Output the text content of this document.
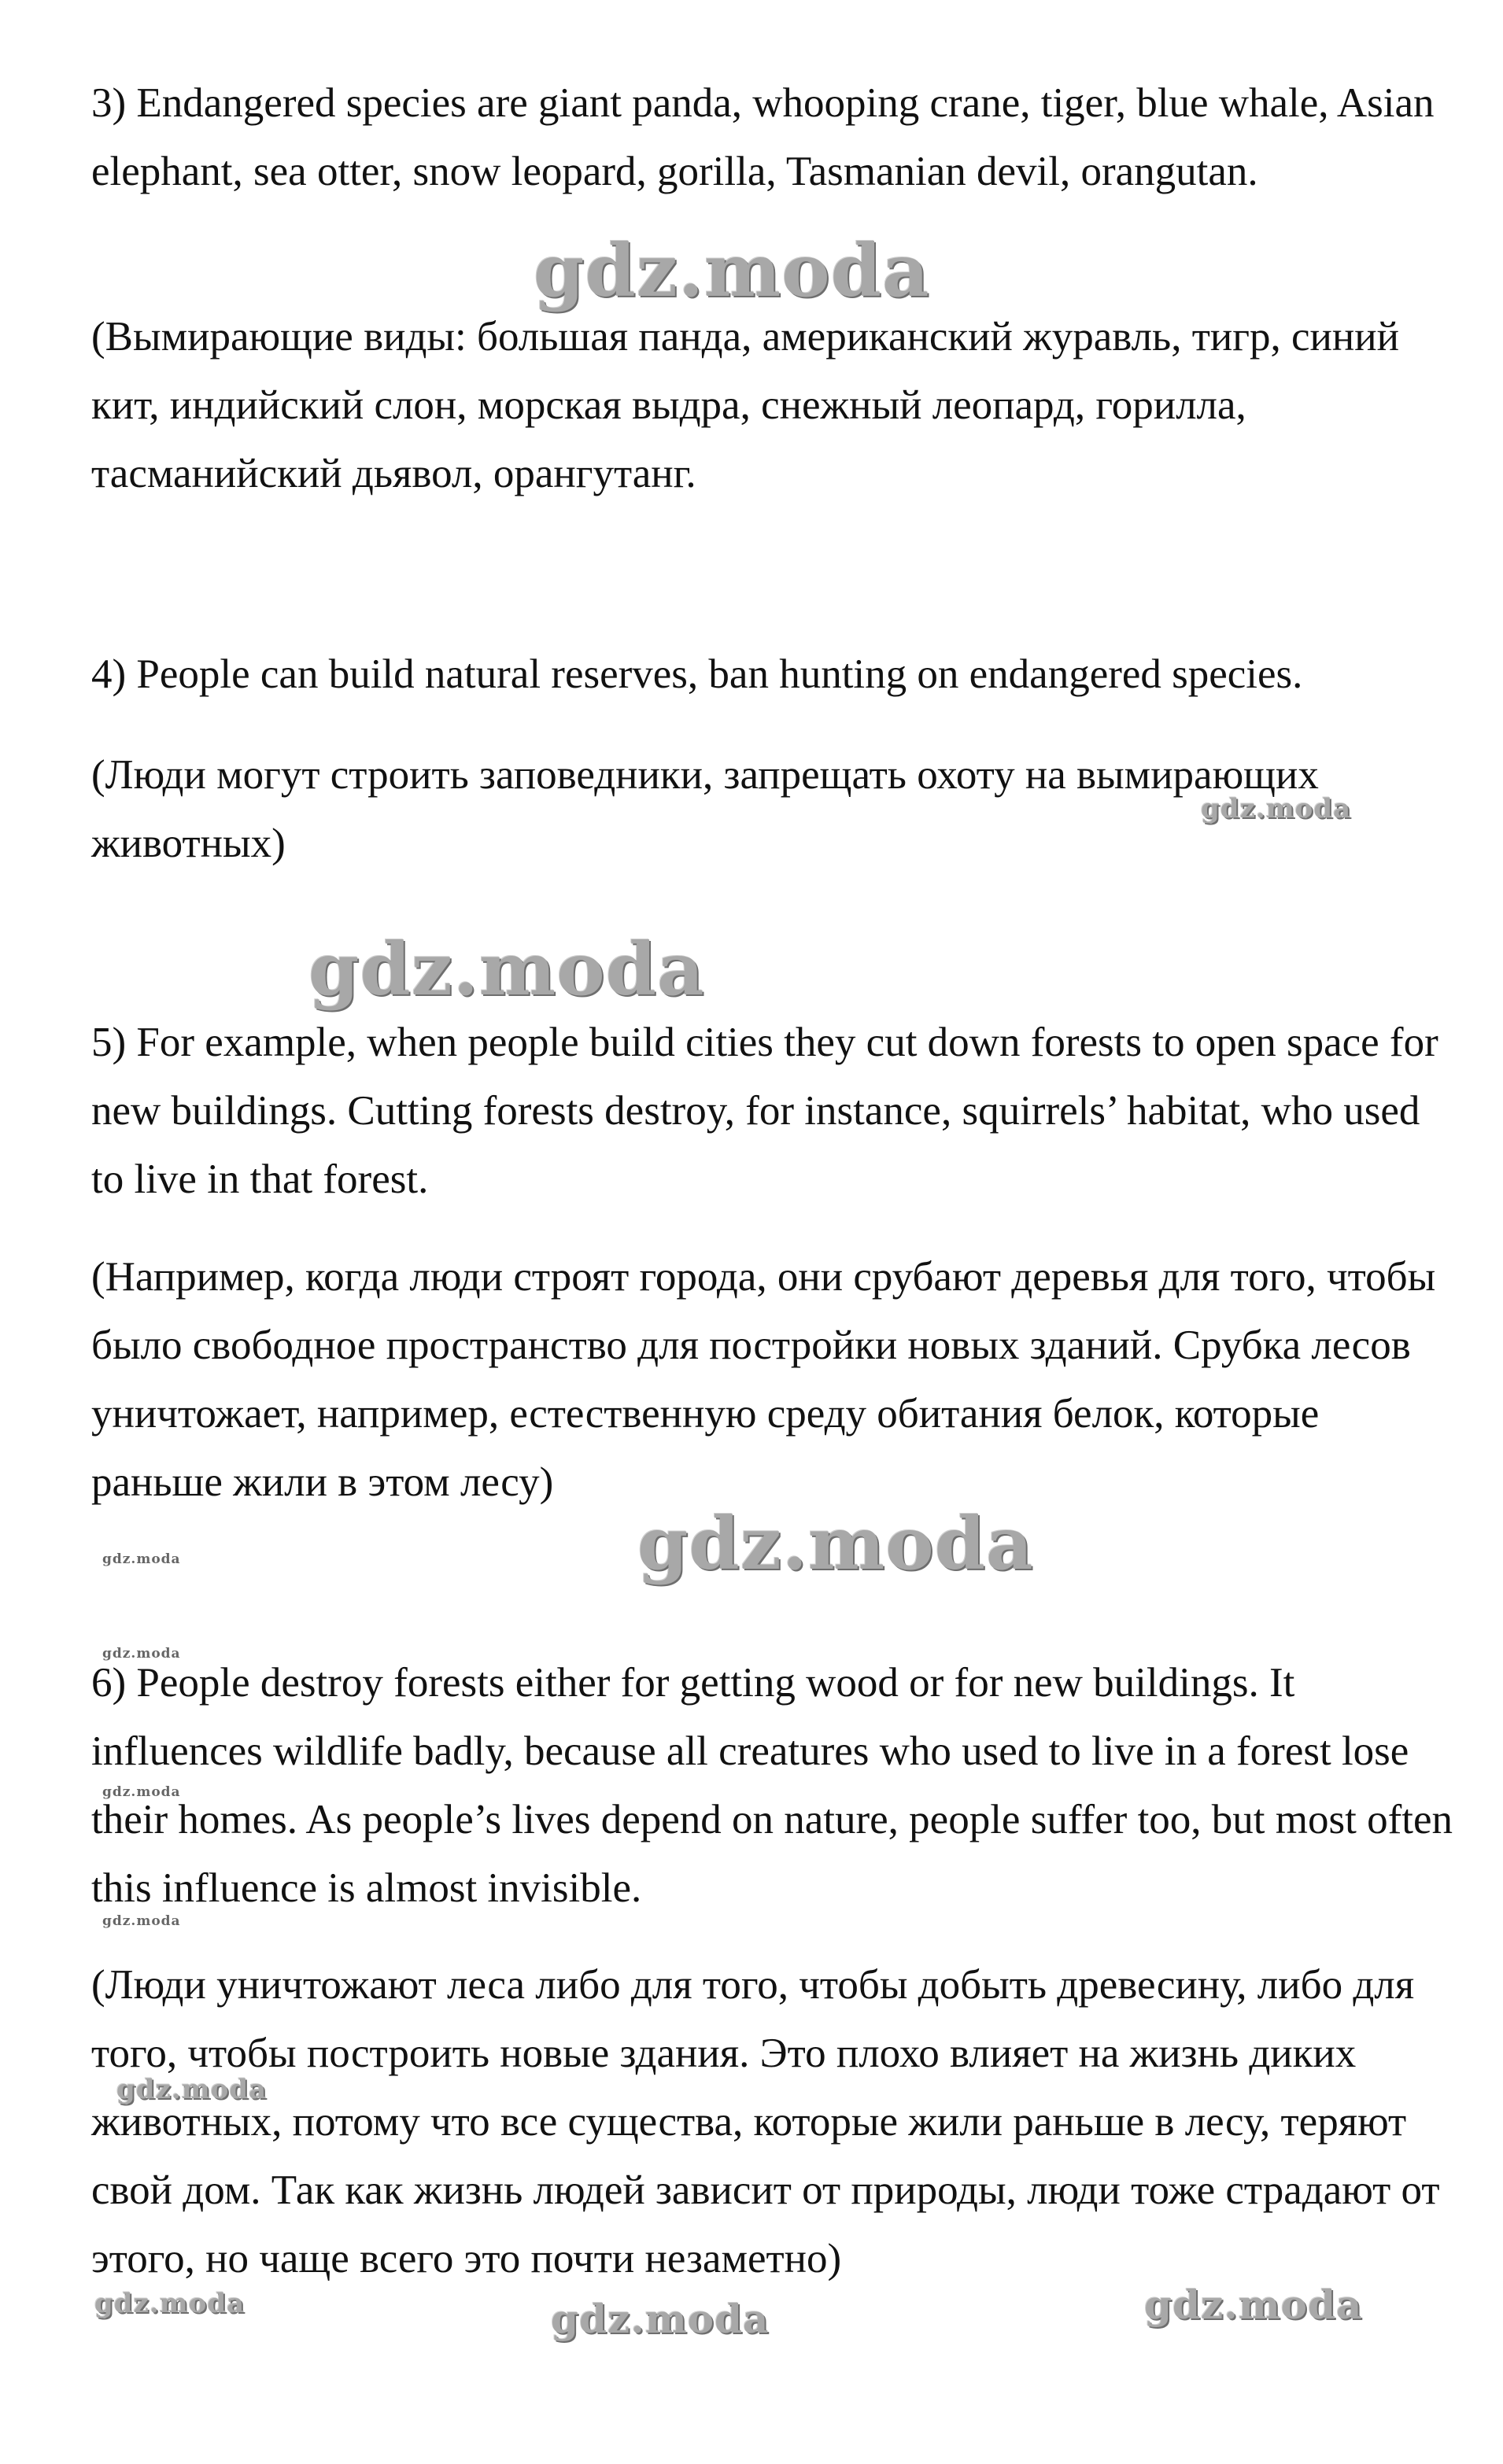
3) Endangered species are giant panda, whooping crane, tiger, blue whale, Asian elephant, sea otter, snow leopard, gorilla, Tasmanian devil, orangutan.

(Вымирающие виды: большая панда, американский журавль, тигр, синий кит, индийский слон, морская выдра, снежный леопард, горилла, тасманийский дьявол, орангутанг.

4) People can build natural reserves, ban hunting on endangered species.

(Люди могут строить заповедники, запрещать охоту на вымирающих животных)

5) For example, when people build cities they cut down forests to open space for new buildings. Cutting forests destroy, for instance, squirrels’ habitat, who used to live in that forest.

(Например, когда люди строят города, они срубают деревья для того, чтобы было свободное пространство для постройки новых зданий. Срубка лесов уничтожает, например, естественную среду обитания белок, которые раньше жили в этом лесу)

6) People destroy forests either for getting wood or for new buildings. It influences wildlife badly, because all creatures who used to live in a forest lose their homes. As people’s lives depend on nature, people suffer too, but most often this influence is almost invisible.

(Люди уничтожают леса либо для того, чтобы добыть древесину, либо для того, чтобы построить новые здания. Это плохо влияет на жизнь диких животных, потому что все существа, которые жили раньше в лесу, теряют свой дом. Так как жизнь людей зависит от природы, люди тоже страдают от этого, но чаще всего это почти незаметно)

gdz.moda
gdz.moda
gdz.moda
gdz.moda	gdz.moda
gdz.moda
gdz.moda
gdz.moda
gdz.moda
gdz.moda	gdz.moda	gdz.moda
